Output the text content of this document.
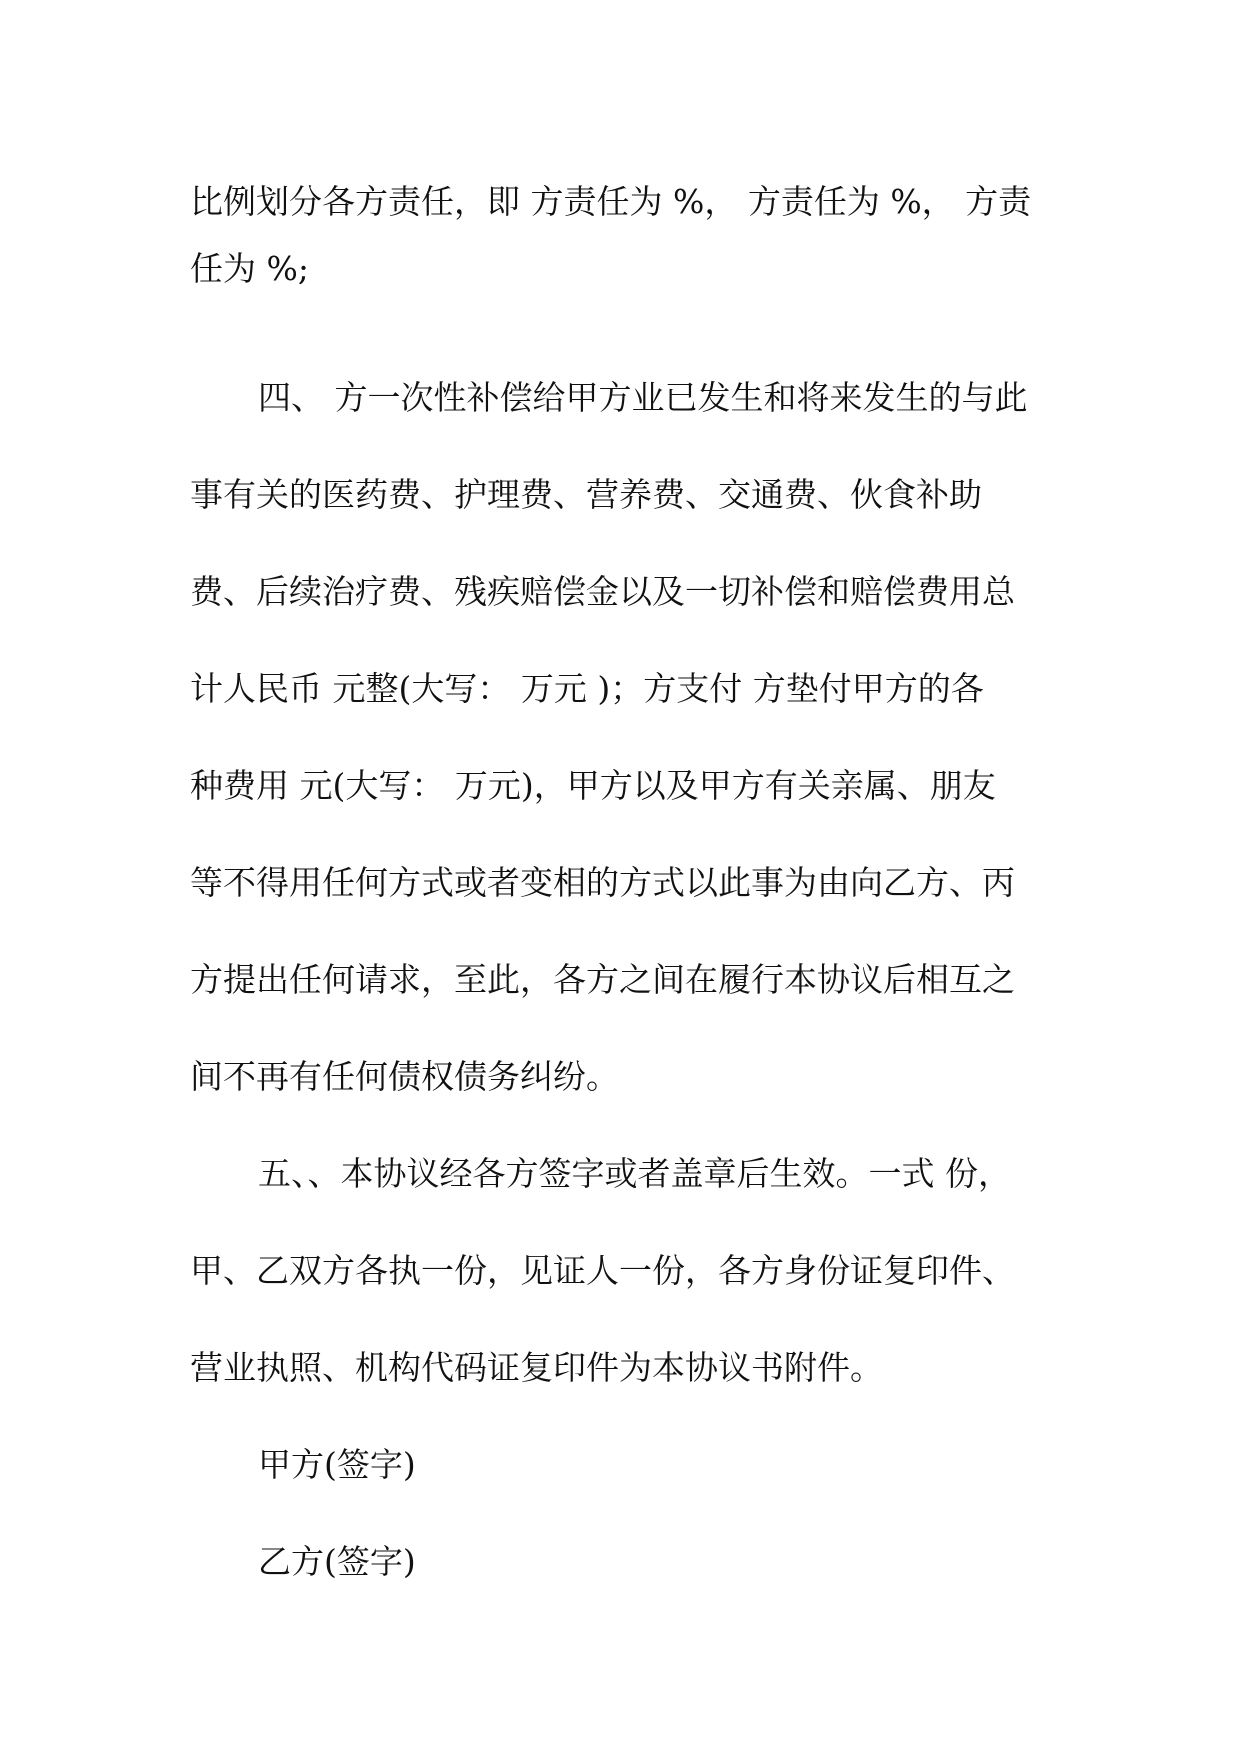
比例划分各方责任，即 方责任为 %， 方责任为 %， 方责
任为 %;
四、 方一次性补偿给甲方业已发生和将来发生的与此
事有关的医药费、护理费、营养费、交通费、伙食补助
费、后续治疗费、残疾赔偿金以及一切补偿和赔偿费用总
计人民币 元整(大写： 万元 )；方支付 方垫付甲方的各
种费用 元(大写： 万元)，甲方以及甲方有关亲属、朋友
等不得用任何方式或者变相的方式以此事为由向乙方、丙
方提出任何请求，至此，各方之间在履行本协议后相互之
间不再有任何债权债务纠纷。
五、、本协议经各方签字或者盖章后生效。一式 份，
甲、乙双方各执一份，见证人一份，各方身份证复印件、
营业执照、机构代码证复印件为本协议书附件。
甲方(签字)
乙方(签字)
